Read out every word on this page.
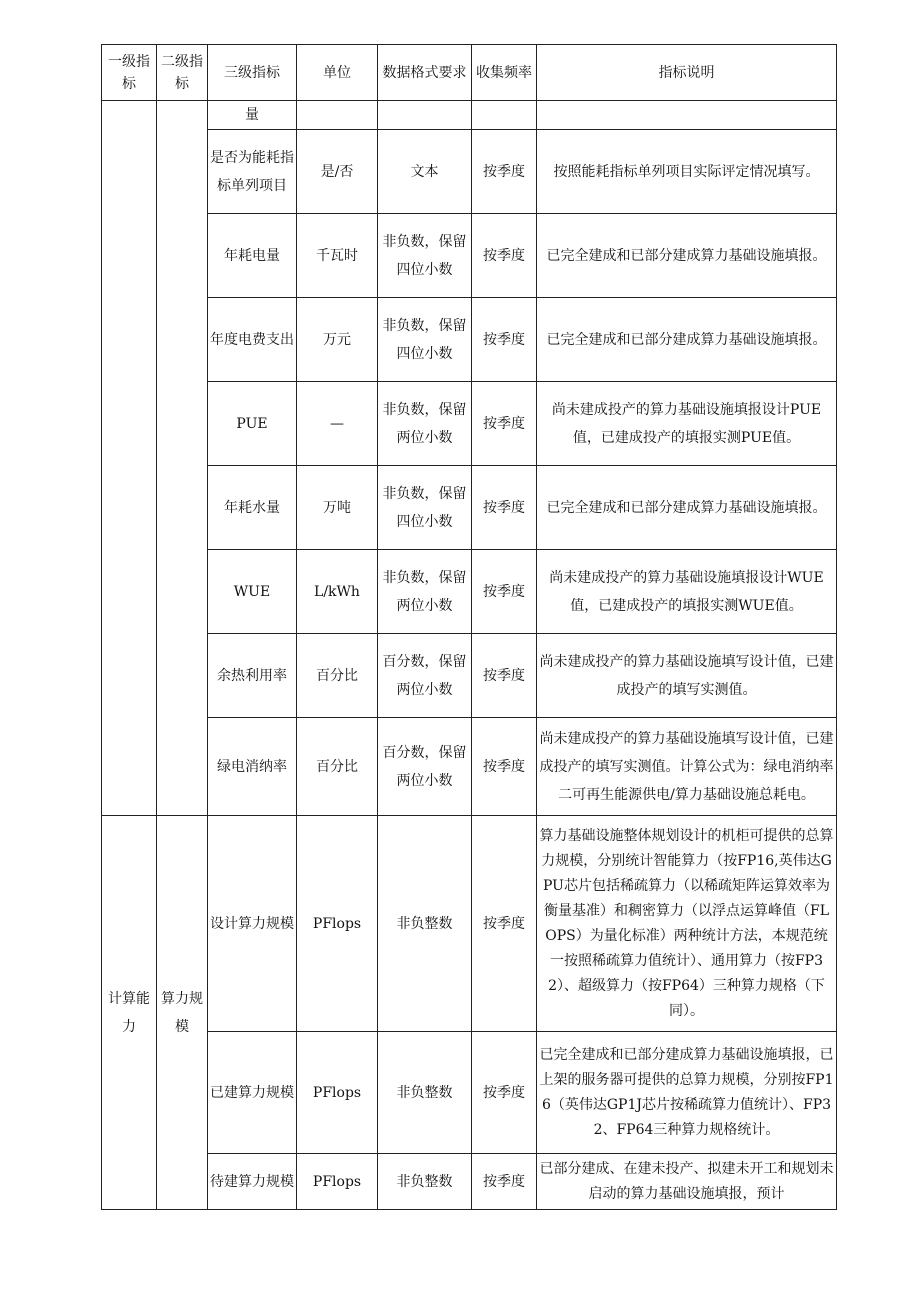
一级指标	二级指标	三级指标	单位	数据格式要求	收集频率	指标说明
		量				
		是否为能耗指标单列项目	是/否	文本	按季度	按照能耗指标单列项目实际评定情况填写。
		年耗电量	千瓦时	非负数，保留四位小数	按季度	已完全建成和已部分建成算力基础设施填报。
		年度电费支出	万元	非负数，保留四位小数	按季度	已完全建成和已部分建成算力基础设施填报。
		PUE	—	非负数，保留两位小数	按季度	尚未建成投产的算力基础设施填报设计PUE值，已建成投产的填报实测PUE值。
		年耗水量	万吨	非负数，保留四位小数	按季度	已完全建成和已部分建成算力基础设施填报。
		WUE	L/kWh	非负数，保留两位小数	按季度	尚未建成投产的算力基础设施填报设计WUE值，已建成投产的填报实测WUE值。
		余热利用率	百分比	百分数，保留两位小数	按季度	尚未建成投产的算力基础设施填写设计值，已建成投产的填写实测值。
		绿电消纳率	百分比	百分数，保留两位小数	按季度	尚未建成投产的算力基础设施填写设计值，已建成投产的填写实测值。计算公式为：绿电消纳率二可再生能源供电/算力基础设施总耗电。
计算能力	算力规模	设计算力规模	PFlops	非负整数	按季度	算力基础设施整体规划设计的机柜可提供的总算力规模，分别统计智能算力（按FP16,英伟达GPU芯片包括稀疏算力（以稀疏矩阵运算效率为衡量基准）和稠密算力（以浮点运算峰值（FLOPS）为量化标准）两种统计方法，本规范统一按照稀疏算力值统计）、通用算力（按FP32）、超级算力（按FP64）三种算力规格（下同）。
		已建算力规模	PFlops	非负整数	按季度	已完全建成和已部分建成算力基础设施填报，已上架的服务器可提供的总算力规模，分别按FP16（英伟达GP1J芯片按稀疏算力值统计）、FP32、FP64三种算力规格统计。
		待建算力规模	PFlops	非负整数	按季度	已部分建成、在建未投产、拟建未开工和规划未启动的算力基础设施填报，预计
